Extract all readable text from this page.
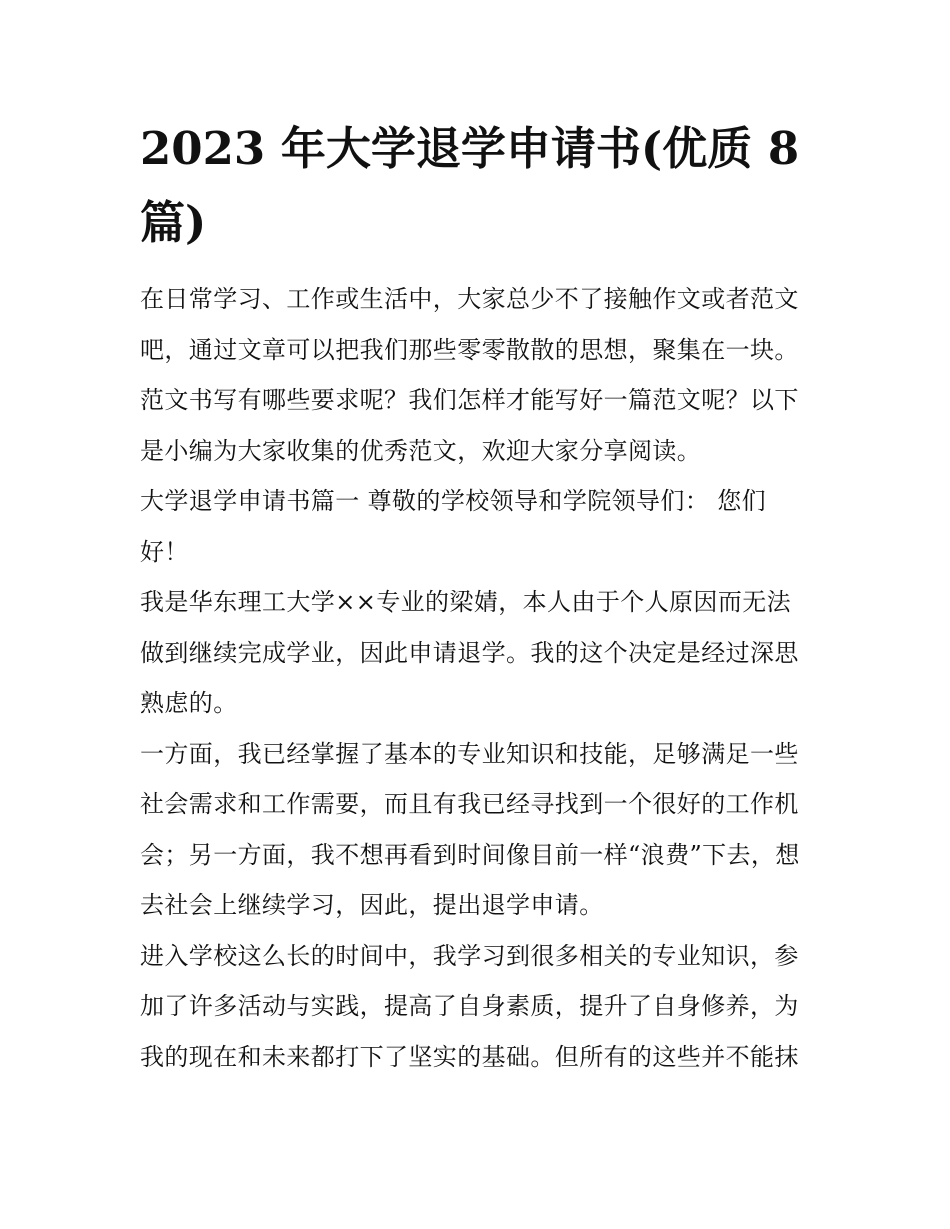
2023 年大学退学申请书(优质 8
篇)

在日常学习、工作或生活中，大家总少不了接触作文或者范文
吧，通过文章可以把我们那些零零散散的思想，聚集在一块。
范文书写有哪些要求呢？我们怎样才能写好一篇范文呢？以下
是小编为大家收集的优秀范文，欢迎大家分享阅读。

大学退学申请书篇一 尊敬的学校领导和学院领导们： 您们
好！

我是华东理工大学××专业的梁婧，本人由于个人原因而无法
做到继续完成学业，因此申请退学。我的这个决定是经过深思
熟虑的。

一方面，我已经掌握了基本的专业知识和技能，足够满足一些
社会需求和工作需要，而且有我已经寻找到一个很好的工作机
会；另一方面，我不想再看到时间像目前一样“浪费”下去，想
去社会上继续学习，因此，提出退学申请。

进入学校这么长的时间中，我学习到很多相关的专业知识，参
加了许多活动与实践，提高了自身素质，提升了自身修养，为
我的现在和未来都打下了坚实的基础。但所有的这些并不能抹
